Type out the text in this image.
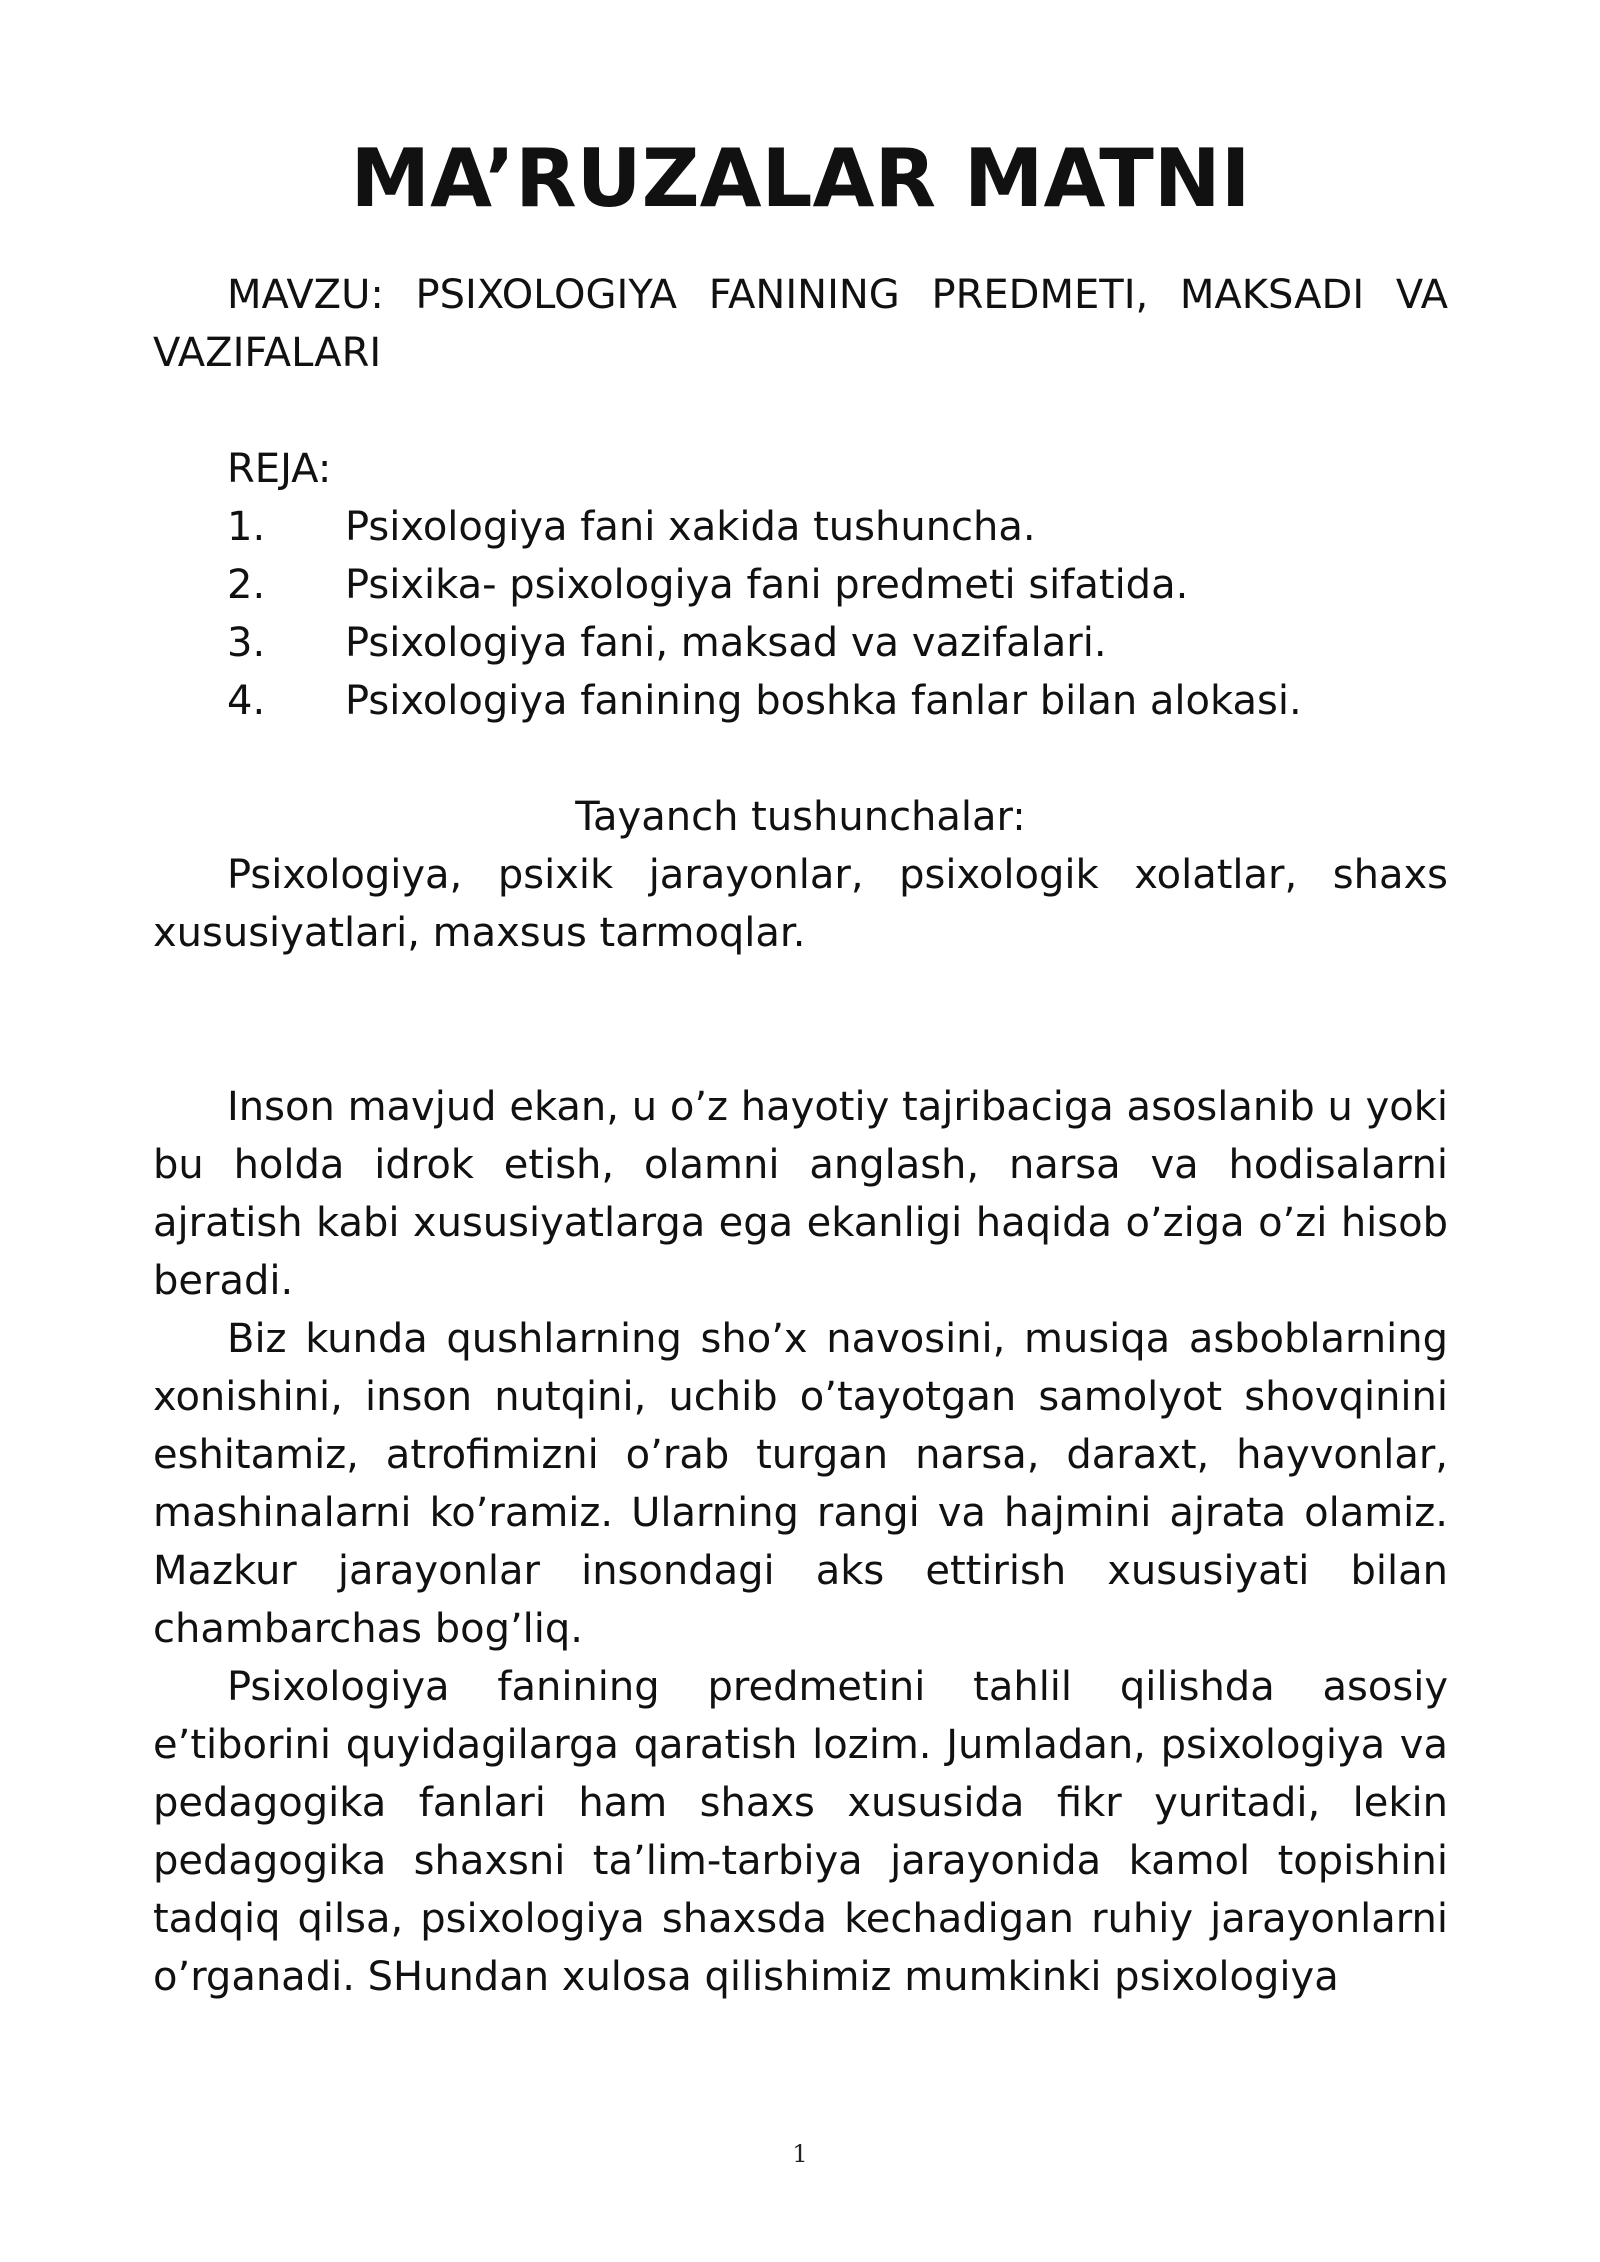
MA’RUZALAR MATNI

MAVZU: PSIXOLOGIYA FANINING PREDMETI, MAKSADI VA VAZIFALARI

REJA:

1.	Psixologiya fani xakida tushuncha.
2.	Psixika- psixologiya fani predmeti sifatida.
3.	Psixologiya fani, maksad va vazifalari.
4.	Psixologiya fanining boshka fanlar bilan alokasi.

Tayanch tushunchalar:

Psixologiya, psixik jarayonlar, psixologik xolatlar, shaxs xususiyatlari, maxsus tarmoqlar.

Inson mavjud ekan, u o’z hayotiy tajribaciga asoslanib u yoki bu holda idrok etish, olamni anglash, narsa va hodisalarni ajratish kabi xususiyatlarga ega ekanligi haqida o’ziga o’zi hisob beradi.

Biz kunda qushlarning sho’x navosini, musiqa asboblarning xonishini, inson nutqini, uchib o’tayotgan samolyot shovqinini eshitamiz, atrofimizni o’rab turgan narsa, daraxt, hayvonlar, mashinalarni ko’ramiz. Ularning rangi va hajmini ajrata olamiz. Mazkur jarayonlar insondagi aks ettirish xususiyati bilan chambarchas bog’liq.

Psixologiya fanining predmetini tahlil qilishda asosiy e’tiborini quyidagilarga qaratish lozim. Jumladan, psixologiya va pedagogika fanlari ham shaxs xususida fikr yuritadi, lekin pedagogika shaxsni ta’lim-tarbiya jarayonida kamol topishini tadqiq qilsa, psixologiya shaxsda kechadigan ruhiy jarayonlarni o’rganadi. SHundan xulosa qilishimiz mumkinki psixologiya

1
